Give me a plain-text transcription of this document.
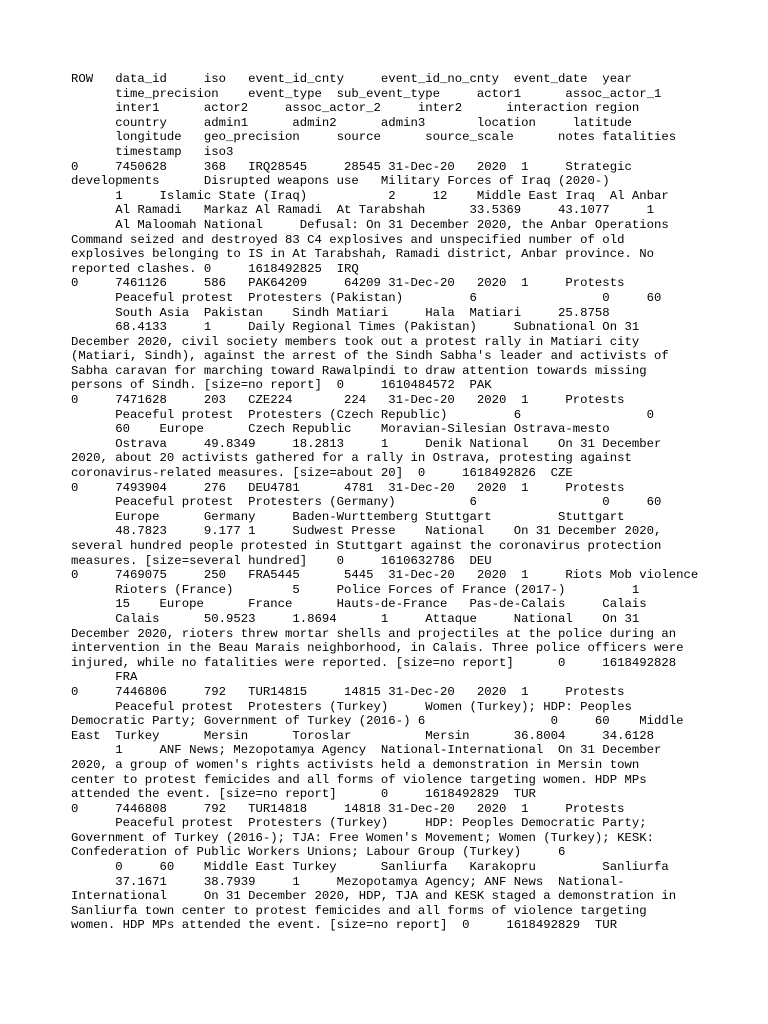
ROW   data_id     iso   event_id_cnty     event_id_no_cnty  event_date  year
time_precision    event_type  sub_event_type     actor1      assoc_actor_1
inter1      actor2     assoc_actor_2     inter2      interaction region
country     admin1      admin2      admin3       location     latitude
longitude   geo_precision     source      source_scale      notes fatalities
timestamp   iso3
0     7450628     368   IRQ28545     28545 31-Dec-20   2020  1     Strategic
developments      Disrupted weapons use   Military Forces of Iraq (2020-)
1     Islamic State (Iraq)           2     12    Middle East Iraq  Al Anbar
Al Ramadi   Markaz Al Ramadi  At Tarabshah      33.5369     43.1077     1
Al Maloomah National     Defusal: On 31 December 2020, the Anbar Operations
Command seized and destroyed 83 C4 explosives and unspecified number of old
explosives belonging to IS in At Tarabshah, Ramadi district, Anbar province. No
reported clashes. 0     1618492825  IRQ
0     7461126     586   PAK64209     64209 31-Dec-20   2020  1     Protests
Peaceful protest  Protesters (Pakistan)         6                 0     60
South Asia  Pakistan    Sindh Matiari     Hala  Matiari     25.8758
68.4133     1     Daily Regional Times (Pakistan)     Subnational On 31
December 2020, civil society members took out a protest rally in Matiari city
(Matiari, Sindh), against the arrest of the Sindh Sabha's leader and activists of
Sabha caravan for marching toward Rawalpindi to draw attention towards missing
persons of Sindh. [size=no report]  0     1610484572  PAK
0     7471628     203   CZE224       224   31-Dec-20   2020  1     Protests
Peaceful protest  Protesters (Czech Republic)         6                 0
60    Europe      Czech Republic    Moravian-Silesian Ostrava-mesto
Ostrava     49.8349     18.2813     1     Denik National    On 31 December
2020, about 20 activists gathered for a rally in Ostrava, protesting against
coronavirus-related measures. [size=about 20]  0     1618492826  CZE
0     7493904     276   DEU4781      4781  31-Dec-20   2020  1     Protests
Peaceful protest  Protesters (Germany)          6                 0     60
Europe      Germany     Baden-Wurttemberg Stuttgart         Stuttgart
48.7823     9.177 1     Sudwest Presse    National    On 31 December 2020,
several hundred people protested in Stuttgart against the coronavirus protection
measures. [size=several hundred]    0     1610632786  DEU
0     7469075     250   FRA5445      5445  31-Dec-20   2020  1     Riots Mob violence
Rioters (France)        5     Police Forces of France (2017-)         1
15    Europe      France      Hauts-de-France   Pas-de-Calais     Calais
Calais      50.9523     1.8694      1     Attaque     National    On 31
December 2020, rioters threw mortar shells and projectiles at the police during an
intervention in the Beau Marais neighborhood, in Calais. Three police officers were
injured, while no fatalities were reported. [size=no report]      0     1618492828
FRA
0     7446806     792   TUR14815     14815 31-Dec-20   2020  1     Protests
Peaceful protest  Protesters (Turkey)     Women (Turkey); HDP: Peoples
Democratic Party; Government of Turkey (2016-) 6                 0     60    Middle
East  Turkey      Mersin      Toroslar          Mersin      36.8004     34.6128
1     ANF News; Mezopotamya Agency  National-International  On 31 December
2020, a group of women's rights activists held a demonstration in Mersin town
center to protest femicides and all forms of violence targeting women. HDP MPs
attended the event. [size=no report]      0     1618492829  TUR
0     7446808     792   TUR14818     14818 31-Dec-20   2020  1     Protests
Peaceful protest  Protesters (Turkey)     HDP: Peoples Democratic Party;
Government of Turkey (2016-); TJA: Free Women's Movement; Women (Turkey); KESK:
Confederation of Public Workers Unions; Labour Group (Turkey)     6
0     60    Middle East Turkey      Sanliurfa   Karakopru         Sanliurfa
37.1671     38.7939     1     Mezopotamya Agency; ANF News  National-
International     On 31 December 2020, HDP, TJA and KESK staged a demonstration in
Sanliurfa town center to protest femicides and all forms of violence targeting
women. HDP MPs attended the event. [size=no report]  0     1618492829  TUR
